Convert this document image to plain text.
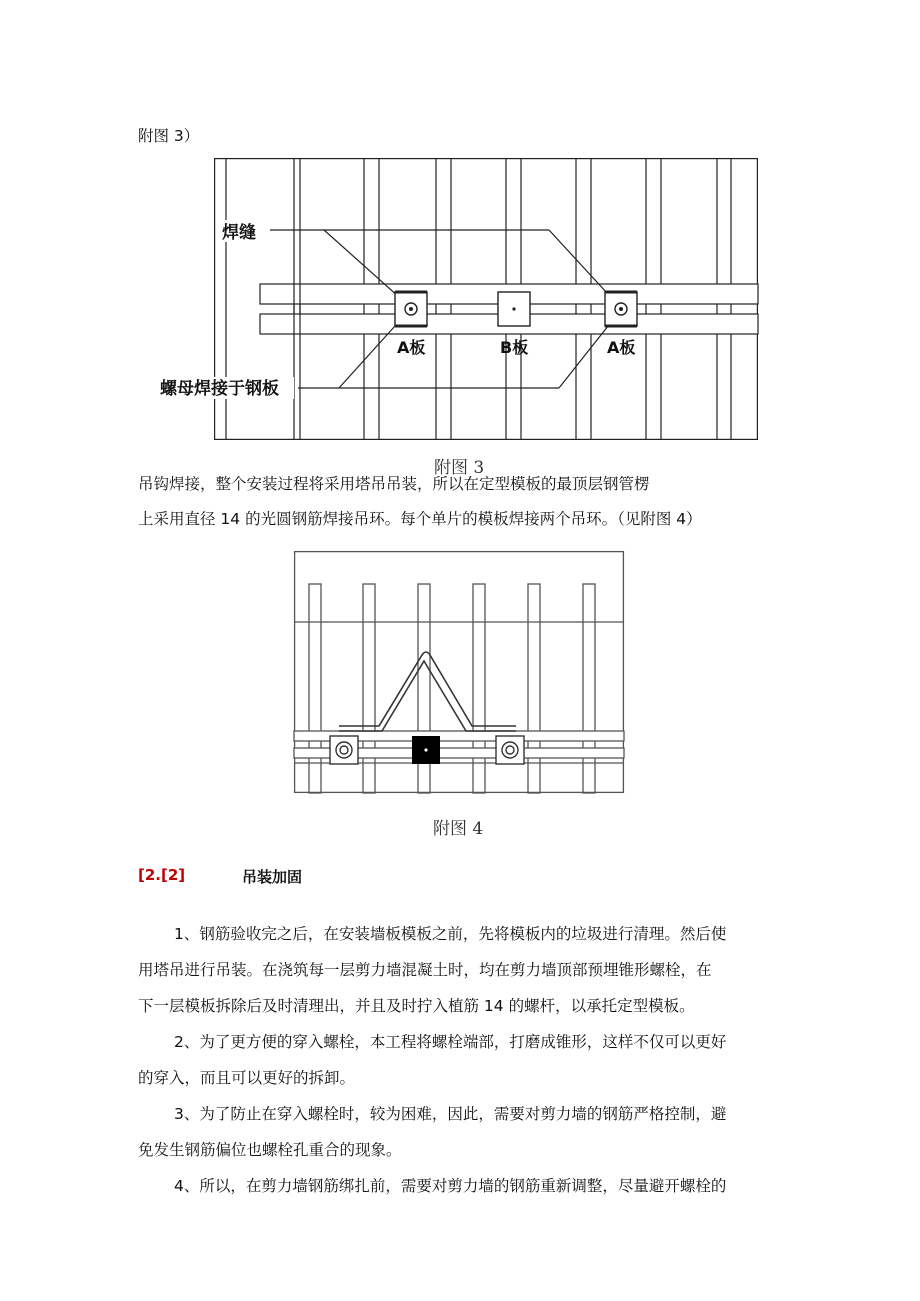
附图 3）
焊缝
螺母焊接于钢板
A板	B板	A板
附图 3
吊钩焊接，整个安装过程将采用塔吊吊装，所以在定型模板的最顶层钢管楞
上采用直径 14 的光圆钢筋焊接吊环。每个单片的模板焊接两个吊环。（见附图 4）
附图 4
[2.[2]	吊装加固
1、钢筋验收完之后，在安装墙板模板之前，先将模板内的垃圾进行清理。然后使
用塔吊进行吊装。在浇筑每一层剪力墙混凝土时，均在剪力墙顶部预埋锥形螺栓，在
下一层模板拆除后及时清理出，并且及时拧入植筋 14 的螺杆，以承托定型模板。
2、为了更方便的穿入螺栓，本工程将螺栓端部，打磨成锥形，这样不仅可以更好
的穿入，而且可以更好的拆卸。
3、为了防止在穿入螺栓时，较为困难，因此，需要对剪力墙的钢筋严格控制，避
免发生钢筋偏位也螺栓孔重合的现象。
4、所以，在剪力墙钢筋绑扎前，需要对剪力墙的钢筋重新调整，尽量避开螺栓的
